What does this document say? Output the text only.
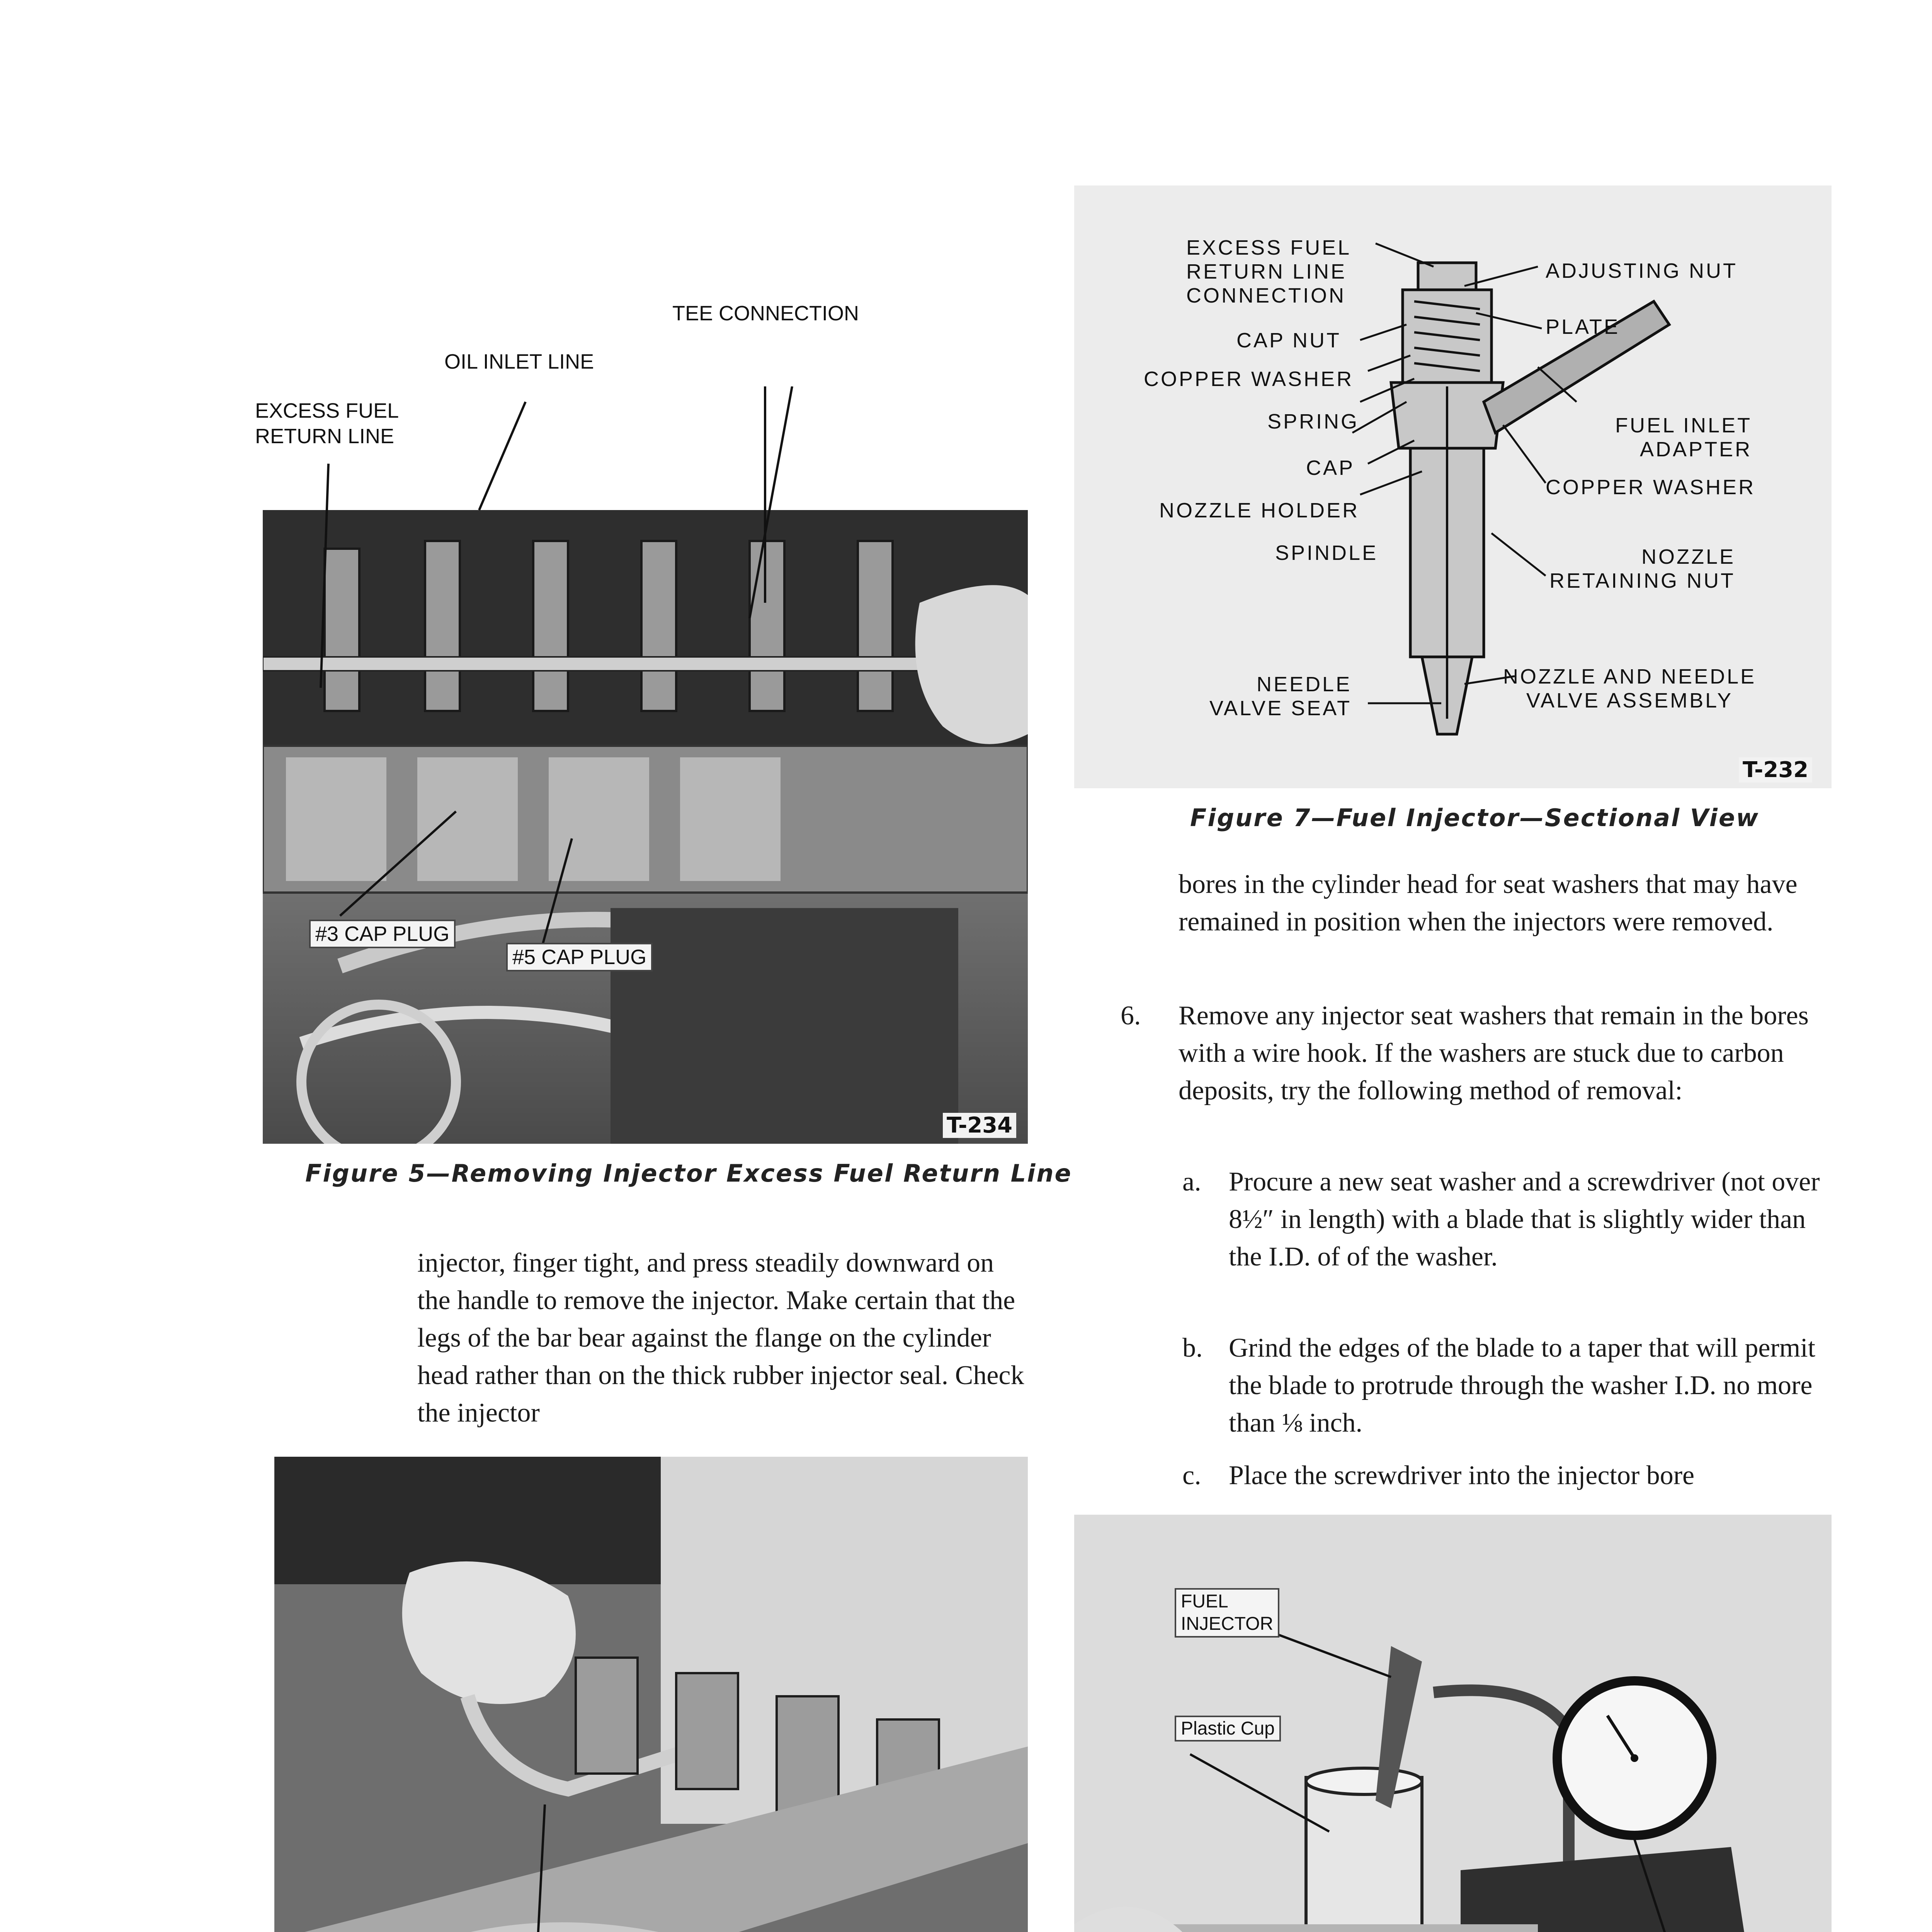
EXCESS FUEL
RETURN LINE
OIL INLET LINE
TEE CONNECTION
#3 CAP PLUG
#5 CAP PLUG
T-234
Figure 5—Removing Injector Excess Fuel Return Line
EXCESS FUEL
RETURN LINE
CONNECTION
CAP NUT
COPPER WASHER
SPRING
CAP
NOZZLE HOLDER
SPINDLE
NEEDLE
VALVE SEAT
ADJUSTING NUT
PLATE
FUEL INLET
ADAPTER
COPPER WASHER
NOZZLE
RETAINING NUT
NOZZLE AND NEEDLE
VALVE ASSEMBLY
T-232
Figure 7—Fuel Injector—Sectional View

bores in the cylinder head for seat washers that may have remained in position when the injectors were removed.

6. Remove any injector seat washers that remain in the bores with a wire hook. If the washers are stuck due to carbon deposits, try the following method of removal:

a. Procure a new seat washer and a screwdriver (not over 8½″ in length) with a blade that is slightly wider than the I.D. of of the washer.

b. Grind the edges of the blade to a taper that will permit the blade to protrude through the washer I.D. no more than ⅛ inch.

c. Place the screwdriver into the injector bore

injector, finger tight, and press steadily downward on the handle to remove the injector. Make certain that the legs of the bar bear against the flange on the cylinder head rather than on the thick rubber injector seal. Check the injector

FUEL
INJECTOR
Plastic Cup
